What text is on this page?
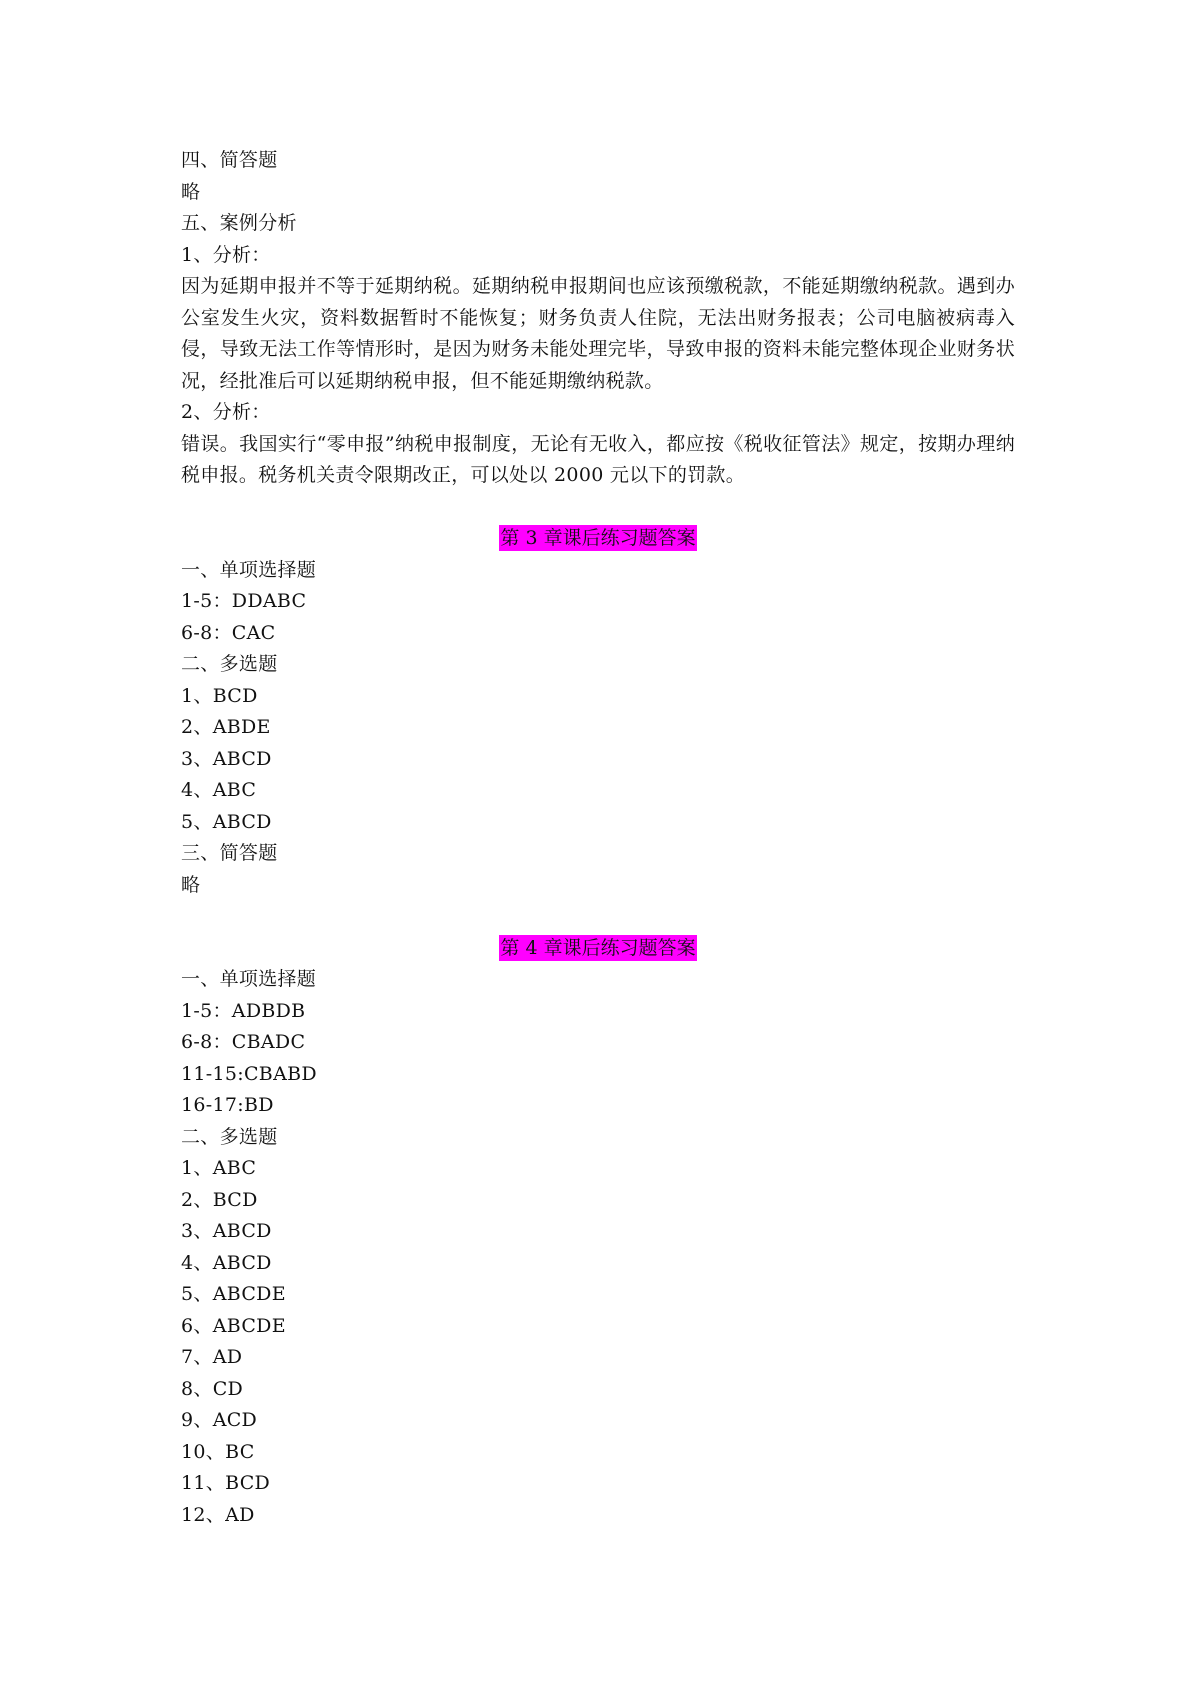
四、简答题
略
五、案例分析
1、分析：
因为延期申报并不等于延期纳税。延期纳税申报期间也应该预缴税款，不能延期缴纳税款。遇到办公室发生火灾，资料数据暂时不能恢复；财务负责人住院，无法出财务报表；公司电脑被病毒入侵，导致无法工作等情形时，是因为财务未能处理完毕，导致申报的资料未能完整体现企业财务状况，经批准后可以延期纳税申报，但不能延期缴纳税款。
2、分析：
错误。我国实行“零申报”纳税申报制度，无论有无收入，都应按《税收征管法》规定，按期办理纳税申报。税务机关责令限期改正，可以处以 2000 元以下的罚款。
第 3 章课后练习题答案
一、单项选择题
1-5：DDABC
6-8：CAC
二、多选题
1、BCD
2、ABDE
3、ABCD
4、ABC
5、ABCD
三、简答题
略
第 4 章课后练习题答案
一、单项选择题
1-5：ADBDB
6-8：CBADC
11-15:CBABD
16-17:BD
二、多选题
1、ABC
2、BCD
3、ABCD
4、ABCD
5、ABCDE
6、ABCDE
7、AD
8、CD
9、ACD
10、BC
11、BCD
12、AD
